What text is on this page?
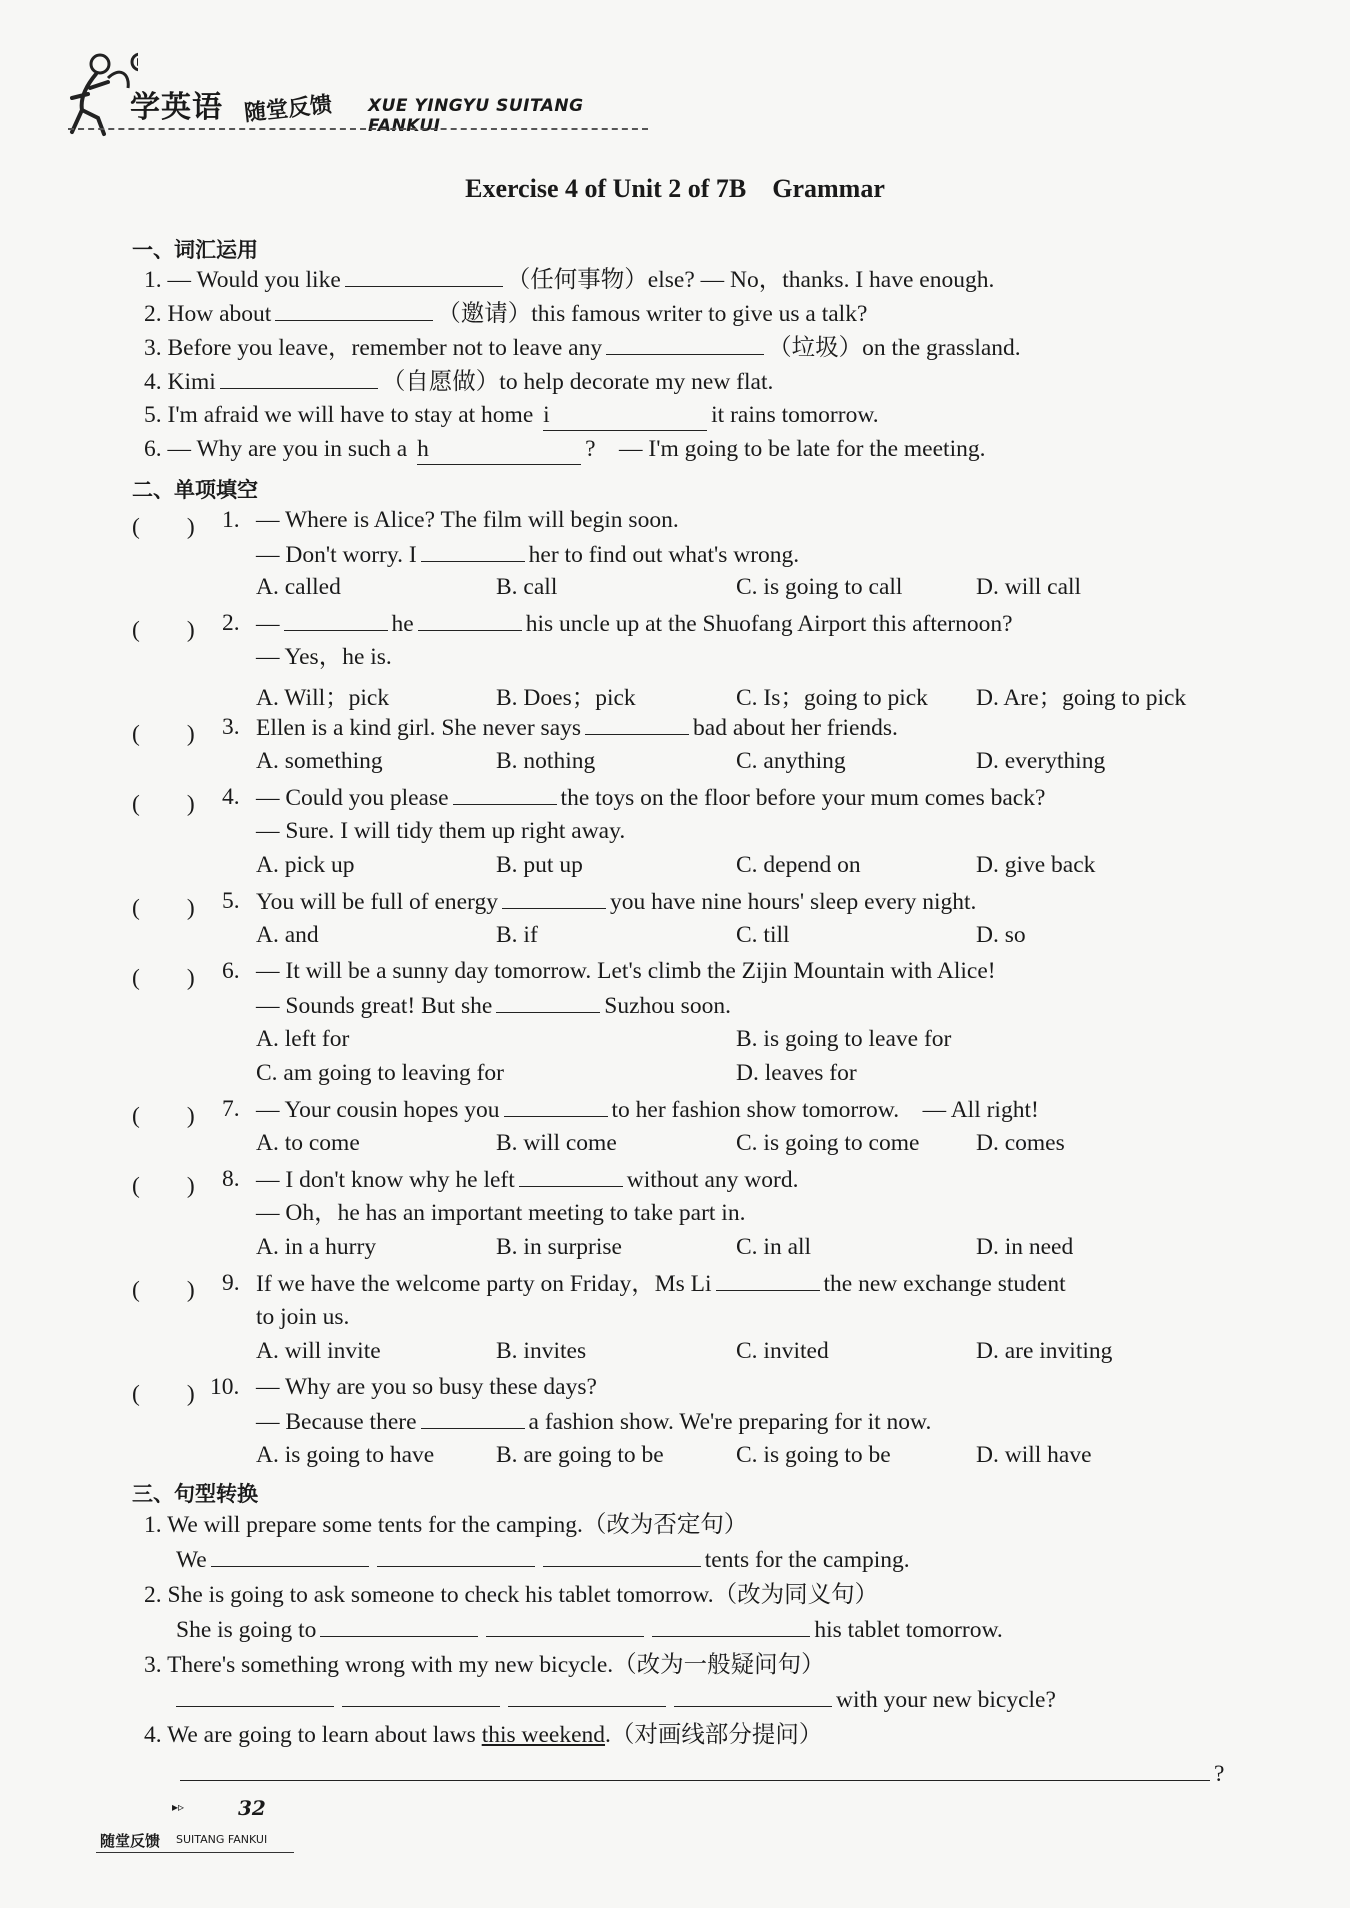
学英语 随堂反馈 XUE YINGYU SUITANG FANKUI
Exercise 4 of Unit 2 of 7B　Grammar
一、词汇运用
1. — Would you like	（任何事物）else? — No，thanks. I have enough.
2. How about	（邀请）this famous writer to give us a talk?
3. Before you leave，remember not to leave any	（垃圾）on the grassland.
4. Kimi	（自愿做）to help decorate my new flat.
5. I'm afraid we will have to stay at home i	it rains tomorrow.
6. — Why are you in such a h	?　— I'm going to be late for the meeting.
二、单项填空
(　　) 1. — Where is Alice? The film will begin soon.
— Don't worry. I	her to find out what's wrong.
A. called	B. call	C. is going to call	D. will call
(　　) 2. —	he	his uncle up at the Shuofang Airport this afternoon?
— Yes，he is.
A. Will；pick	B. Does；pick	C. Is；going to pick D. Are；going to pick
(　　) 3. Ellen is a kind girl. She never says	bad about her friends.
A. something	B. nothing	C. anything	D. everything
(　　) 4. — Could you please	the toys on the floor before your mum comes back?
— Sure. I will tidy them up right away.
A. pick up	B. put up	C. depend on	D. give back
(　　) 5. You will be full of energy	you have nine hours' sleep every night.
A. and	B. if	C. till	D. so
(　　) 6. — It will be a sunny day tomorrow. Let's climb the Zijin Mountain with Alice!
— Sounds great! But she	Suzhou soon.
A. left for	B. is going to leave for
C. am going to leaving for	D. leaves for
(　　) 7. — Your cousin hopes you	to her fashion show tomorrow.　— All right!
A. to come	B. will come	C. is going to come D. comes
(　　) 8. — I don't know why he left	without any word.
— Oh，he has an important meeting to take part in.
A. in a hurry	B. in surprise	C. in all	D. in need
(　　) 9. If we have the welcome party on Friday，Ms Li	the new exchange student
to join us.
A. will invite	B. invites	C. invited	D. are inviting
(　　) 10. — Why are you so busy these days?
— Because there	a fashion show. We're preparing for it now.
A. is going to have	B. are going to be	C. is going to be	D. will have
三、句型转换
1. We will prepare some tents for the camping.（改为否定句）
We	tents for the camping.
2. She is going to ask someone to check his tablet tomorrow.（改为同义句）
She is going to	his tablet tomorrow.
3. There's something wrong with my new bicycle.（改为一般疑问句）
with your new bicycle?
4. We are going to learn about laws this weekend.（对画线部分提问）
?
▸▹	32
随堂反馈 SUITANG FANKUI
